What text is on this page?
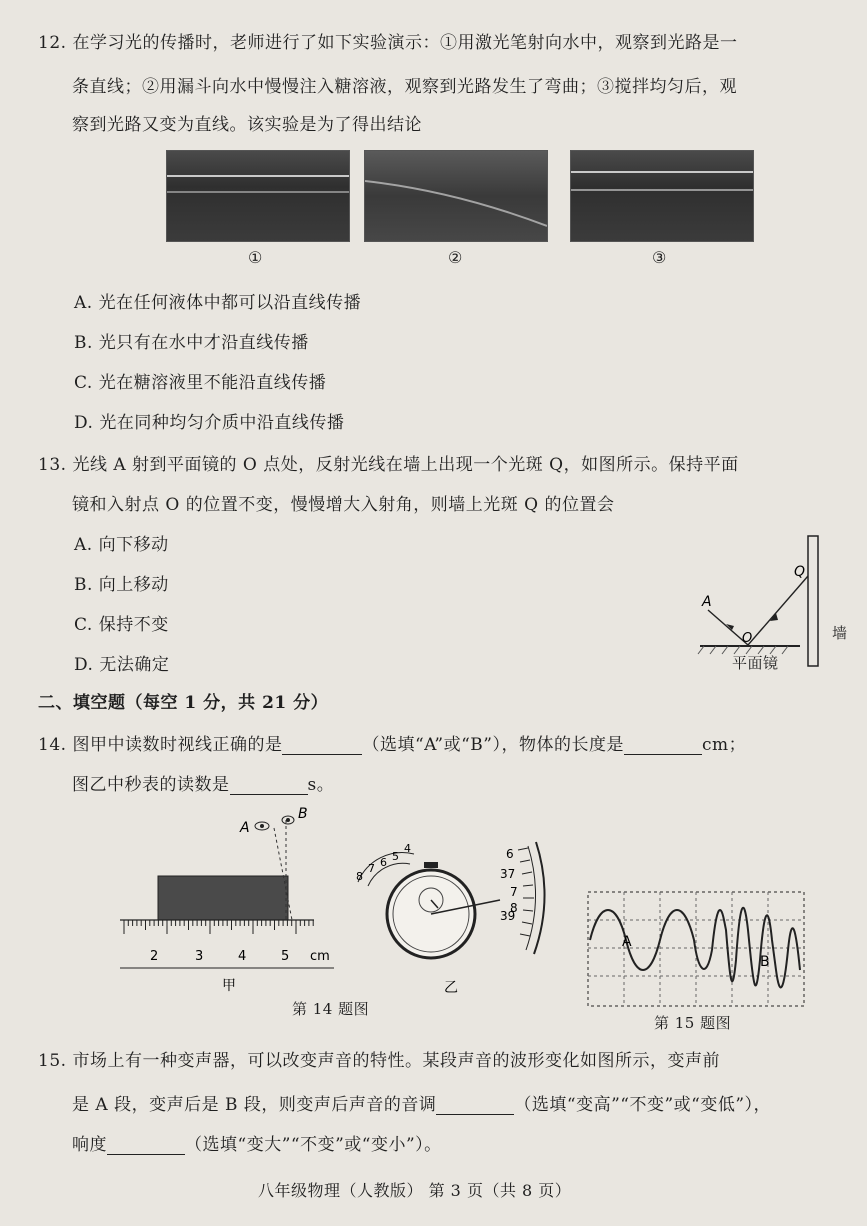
12. 在学习光的传播时，老师进行了如下实验演示：①用激光笔射向水中，观察到光路是一
条直线；②用漏斗向水中慢慢注入糖溶液，观察到光路发生了弯曲；③搅拌均匀后，观
察到光路又变为直线。该实验是为了得出结论
①	②	③
A. 光在任何液体中都可以沿直线传播
B. 光只有在水中才沿直线传播
C. 光在糖溶液里不能沿直线传播
D. 光在同种均匀介质中沿直线传播
13. 光线 A 射到平面镜的 O 点处，反射光线在墙上出现一个光斑 Q，如图所示。保持平面
镜和入射点 O 的位置不变，慢慢增大入射角，则墙上光斑 Q 的位置会
A. 向下移动
B. 向上移动
C. 保持不变
D. 无法确定
A
O
Q
平面镜
墙
二、填空题（每空 1 分，共 21 分）
14. 图甲中读数时视线正确的是	（选填“A”或“B”），物体的长度是	cm；
图乙中秒表的读数是	s。
A
B
2	3	4	5 cm
甲
8
7 6 5
4	6
37
7
8
39
乙
第 14 题图
A
B
第 15 题图
15. 市场上有一种变声器，可以改变声音的特性。某段声音的波形变化如图所示，变声前
是 A 段，变声后是 B 段，则变声后声音的音调	（选填“变高”“不变”或“变低”），
响度	（选填“变大”“不变”或“变小”）。
八年级物理（人教版） 第 3 页（共 8 页）
